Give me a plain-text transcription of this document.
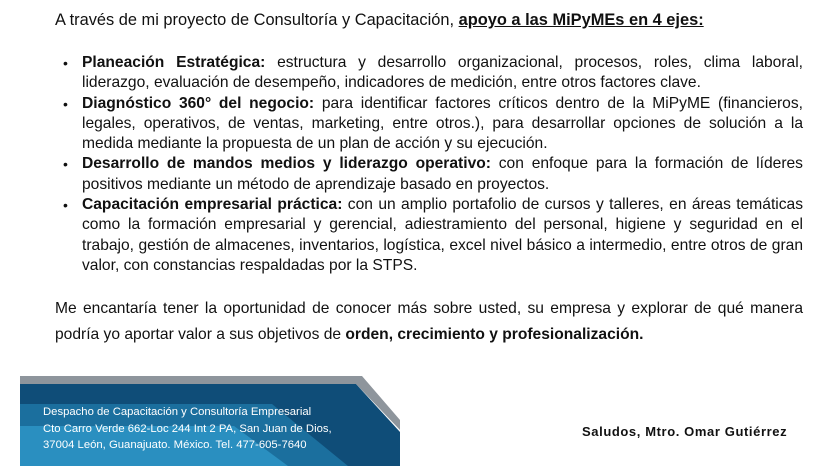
A través de mi proyecto de Consultoría y Capacitación, apoyo a las MiPyMEs en 4 ejes:
• Planeación Estratégica: estructura y desarrollo organizacional, procesos, roles, clima laboral, liderazgo, evaluación de desempeño, indicadores de medición, entre otros factores clave.
• Diagnóstico 360° del negocio: para identificar factores críticos dentro de la MiPyME (financieros, legales, operativos, de ventas, marketing, entre otros.), para desarrollar opciones de solución a la medida mediante la propuesta de un plan de acción y su ejecución.
• Desarrollo de mandos medios y liderazgo operativo: con enfoque para la formación de líderes positivos mediante un método de aprendizaje basado en proyectos.
• Capacitación empresarial práctica: con un amplio portafolio de cursos y talleres, en áreas temáticas como la formación empresarial y gerencial, adiestramiento del personal, higiene y seguridad en el trabajo, gestión de almacenes, inventarios, logística, excel nivel básico a intermedio, entre otros de gran valor, con constancias respaldadas por la STPS.
Me encantaría tener la oportunidad de conocer más sobre usted, su empresa y explorar de qué manera podría yo aportar valor a sus objetivos de orden, crecimiento y profesionalización.
Despacho de Capacitación y Consultoría Empresarial
Cto Carro Verde 662-Loc 244 Int 2 PA, San Juan de Dios,
37004 León, Guanajuato. México. Tel. 477-605-7640
Saludos, Mtro. Omar Gutiérrez
